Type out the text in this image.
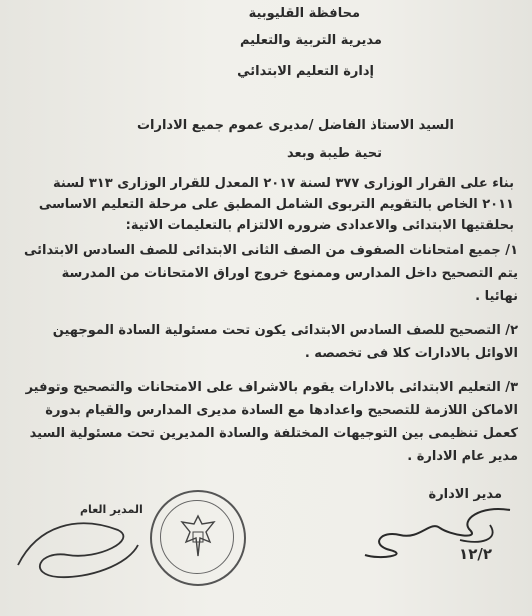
محافظة القليوبية
مديرية التربية والتعليم
إدارة التعليم الابتدائي
السيد الاستاذ الفاضل /مديرى عموم جميع الادارات
تحية طيبة وبعد
بناء على القرار الوزارى ٣٧٧ لسنة ٢٠١٧ المعدل للقرار الوزارى ٣١٣ لسنة
٢٠١١ الخاص بالتقويم التربوى الشامل المطبق على مرحلة التعليم الاساسى
بحلقتيها الابتدائى والاعدادى ضروره الالتزام بالتعليمات الاتية:
١/ جميع امتحانات الصفوف من الصف الثانى الابتدائى للصف السادس الابتدائى
يتم التصحيح داخل المدارس وممنوع خروج اوراق الامتحانات من المدرسة
نهائيا .
٢/ التصحيح للصف السادس الابتدائى يكون تحت مسئولية السادة الموجهين
الاوائل بالادارات كلا فى تخصصه .
٣/ التعليم الابتدائى بالادارات يقوم بالاشراف على الامتحانات والتصحيح وتوفير
الاماكن اللازمة للتصحيح واعدادها مع السادة مديرى المدارس والقيام بدورة
كعمل تنظيمى بين التوجيهات المختلفة والسادة المديرين تحت مسئولية السيد
مدير عام الادارة .
مدير الادارة
١٢/٢
المدير العام
